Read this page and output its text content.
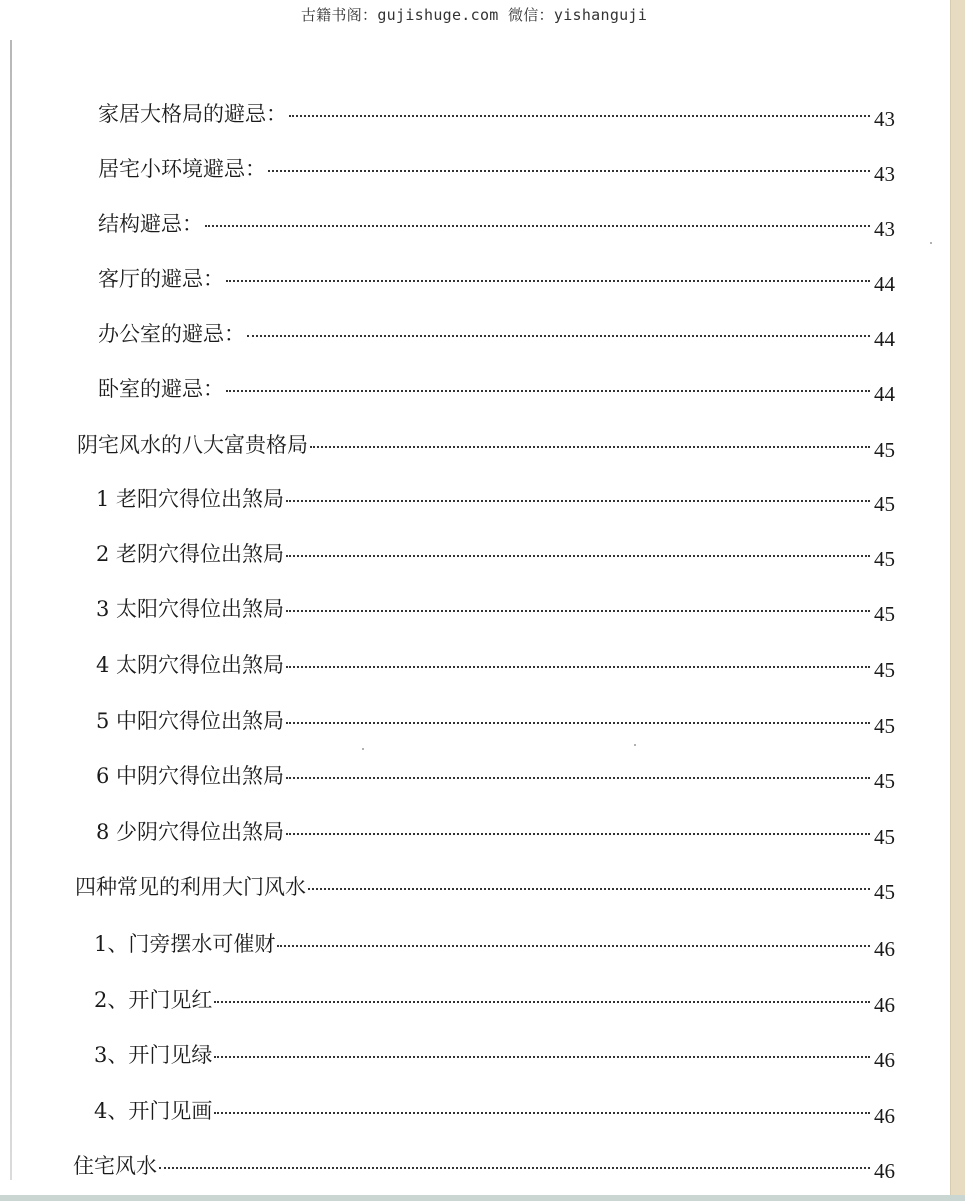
古籍书阁：gujishuge.com 微信：yishanguji
家居大格局的避忌：	43
居宅小环境避忌：	43
结构避忌：	43
客厅的避忌：	44
办公室的避忌：	44
卧室的避忌：	44
阴宅风水的八大富贵格局	45
1 老阳穴得位出煞局	45
2 老阴穴得位出煞局	45
3 太阳穴得位出煞局	45
4 太阴穴得位出煞局	45
5 中阳穴得位出煞局	45
6 中阴穴得位出煞局	45
8 少阴穴得位出煞局	45
四种常见的利用大门风水	45
1、门旁摆水可催财	46
2、开门见红	46
3、开门见绿	46
4、开门见画	46
住宅风水	46
